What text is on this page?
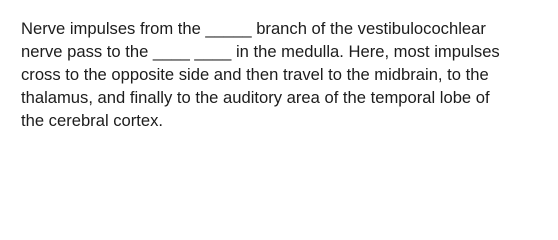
Nerve impulses from the _____ branch of the vestibulocochlear
nerve pass to the ____ ____ in the medulla. Here, most impulses
cross to the opposite side and then travel to the midbrain, to the
thalamus, and finally to the auditory area of the temporal lobe of
the cerebral cortex.
